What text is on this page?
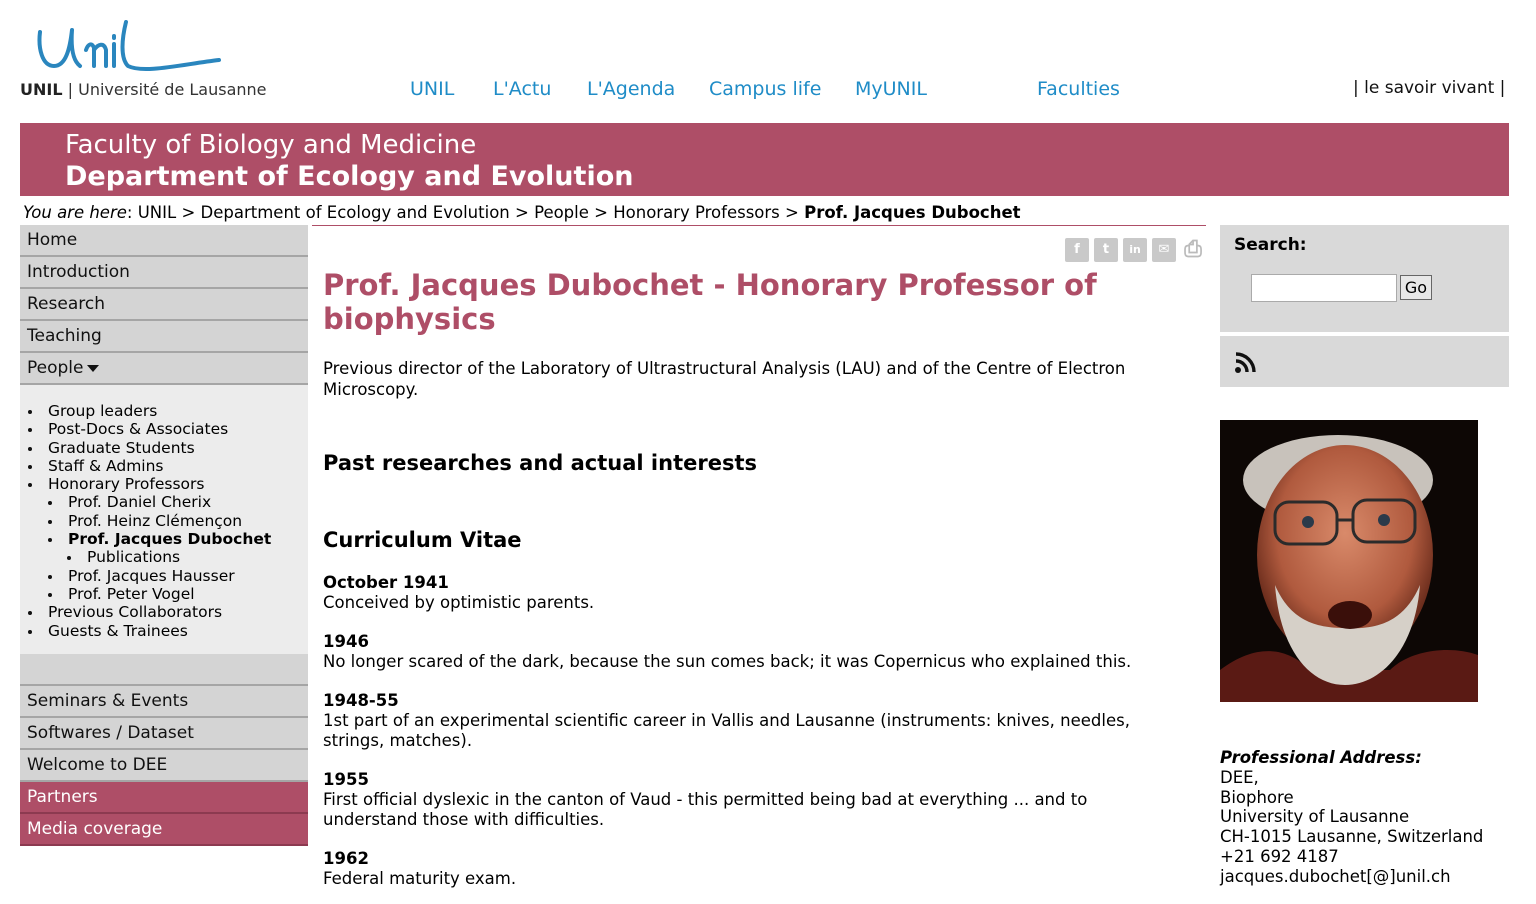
UNIL | Université de Lausanne	UNIL L'Actu L'Agenda Campus life MyUNIL	Faculties	| le savoir vivant |
Faculty of Biology and Medicine
Department of Ecology and Evolution
You are here: UNIL > Department of Ecology and Evolution > People > Honorary Professors > Prof. Jacques Dubochet
Home
Introduction
Research
Teaching
People
Group leaders
Post-Docs & Associates
Graduate Students
Staff & Admins
Honorary Professors
Prof. Daniel Cherix
Prof. Heinz Clémençon
Prof. Jacques Dubochet
Publications
Prof. Jacques Hausser
Prof. Peter Vogel
Previous Collaborators
Guests & Trainees
Seminars & Events
Softwares / Dataset
Welcome to DEE
Partners
Media coverage
f	t	in	✉ ⎙
Prof. Jacques Dubochet - Honorary Professor of biophysics
Previous director of the Laboratory of Ultrastructural Analysis (LAU) and of the Centre of Electron Microscopy.
Past researches and actual interests
Curriculum Vitae
October 1941
Conceived by optimistic parents.
1946
No longer scared of the dark, because the sun comes back; it was Copernicus who explained this.
1948-55
1st part of an experimental scientific career in Vallis and Lausanne (instruments: knives, needles, strings, matches).
1955
First official dyslexic in the canton of Vaud - this permitted being bad at everything ... and to understand those with difficulties.
1962
Federal maturity exam.
Search:
Go
Professional Address:
DEE,
Biophore
University of Lausanne
CH-1015 Lausanne, Switzerland
+21 692 4187
jacques.dubochet[@]unil.ch
